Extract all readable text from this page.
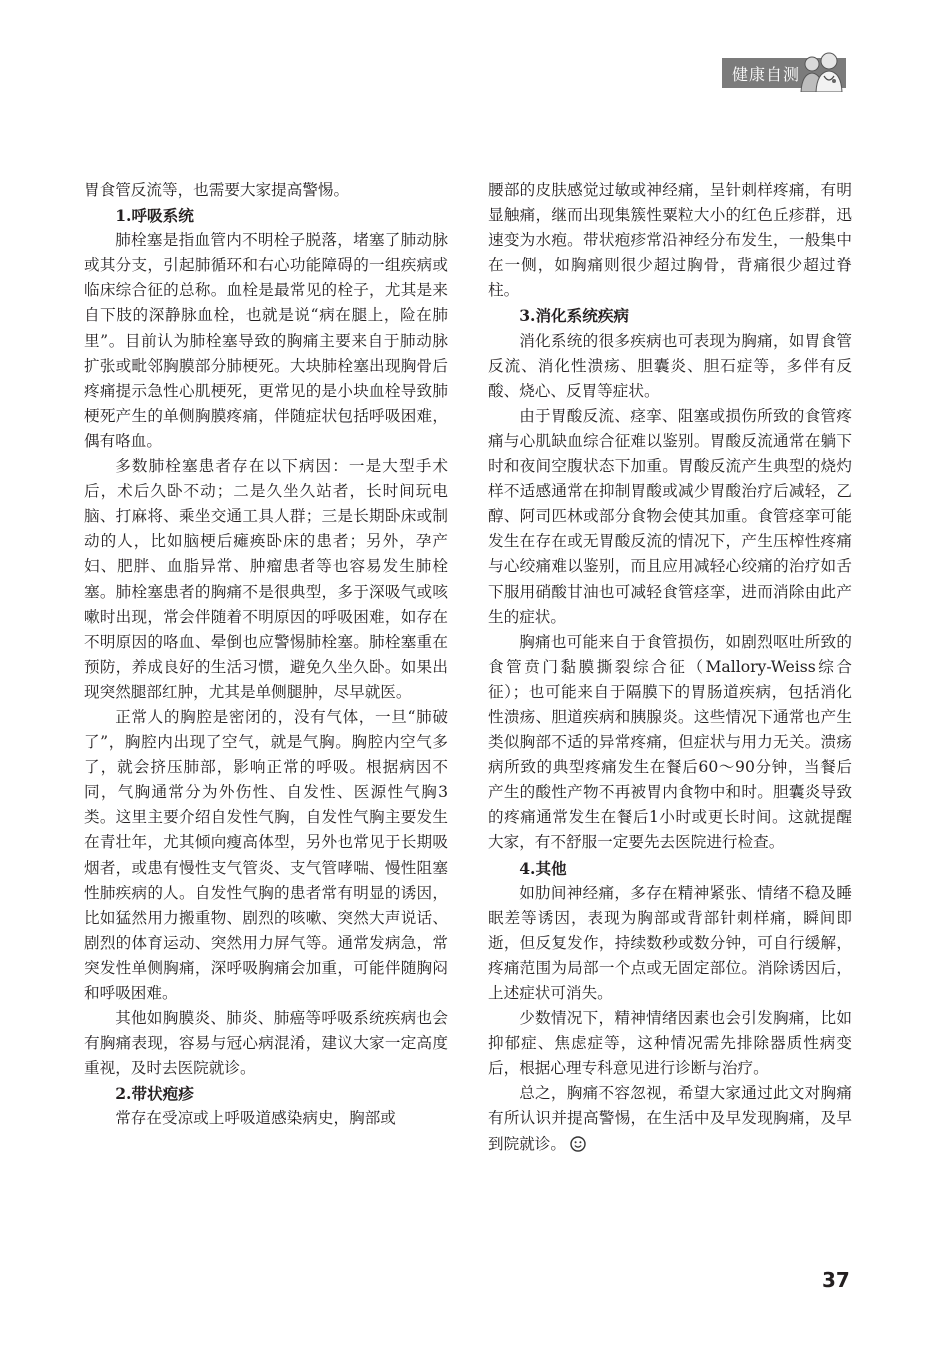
健康自测

胃食管反流等，也需要大家提高警惕。

1.呼吸系统

肺栓塞是指血管内不明栓子脱落，堵塞了肺动脉或其分支，引起肺循环和右心功能障碍的一组疾病或临床综合征的总称。血栓是最常见的栓子，尤其是来自下肢的深静脉血栓，也就是说“病在腿上，险在肺里”。目前认为肺栓塞导致的胸痛主要来自于肺动脉扩张或毗邻胸膜部分肺梗死。大块肺栓塞出现胸骨后疼痛提示急性心肌梗死，更常见的是小块血栓导致肺梗死产生的单侧胸膜疼痛，伴随症状包括呼吸困难，偶有咯血。

多数肺栓塞患者存在以下病因：一是大型手术后，术后久卧不动；二是久坐久站者，长时间玩电脑、打麻将、乘坐交通工具人群；三是长期卧床或制动的人，比如脑梗后瘫痪卧床的患者；另外，孕产妇、肥胖、血脂异常、肿瘤患者等也容易发生肺栓塞。肺栓塞患者的胸痛不是很典型，多于深吸气或咳嗽时出现，常会伴随着不明原因的呼吸困难，如存在不明原因的咯血、晕倒也应警惕肺栓塞。肺栓塞重在预防，养成良好的生活习惯，避免久坐久卧。如果出现突然腿部红肿，尤其是单侧腿肿，尽早就医。

正常人的胸腔是密闭的，没有气体，一旦“肺破了”，胸腔内出现了空气，就是气胸。胸腔内空气多了，就会挤压肺部，影响正常的呼吸。根据病因不同，气胸通常分为外伤性、自发性、医源性气胸3类。这里主要介绍自发性气胸，自发性气胸主要发生在青壮年，尤其倾向瘦高体型，另外也常见于长期吸烟者，或患有慢性支气管炎、支气管哮喘、慢性阻塞性肺疾病的人。自发性气胸的患者常有明显的诱因，比如猛然用力搬重物、剧烈的咳嗽、突然大声说话、剧烈的体育运动、突然用力屏气等。通常发病急，常突发性单侧胸痛，深呼吸胸痛会加重，可能伴随胸闷和呼吸困难。

其他如胸膜炎、肺炎、肺癌等呼吸系统疾病也会有胸痛表现，容易与冠心病混淆，建议大家一定高度重视，及时去医院就诊。

2.带状疱疹

常存在受凉或上呼吸道感染病史，胸部或

腰部的皮肤感觉过敏或神经痛，呈针刺样疼痛，有明显触痛，继而出现集簇性粟粒大小的红色丘疹群，迅速变为水疱。带状疱疹常沿神经分布发生，一般集中在一侧，如胸痛则很少超过胸骨，背痛很少超过脊柱。

3.消化系统疾病

消化系统的很多疾病也可表现为胸痛，如胃食管反流、消化性溃疡、胆囊炎、胆石症等，多伴有反酸、烧心、反胃等症状。

由于胃酸反流、痉挛、阻塞或损伤所致的食管疼痛与心肌缺血综合征难以鉴别。胃酸反流通常在躺下时和夜间空腹状态下加重。胃酸反流产生典型的烧灼样不适感通常在抑制胃酸或减少胃酸治疗后减轻，乙醇、阿司匹林或部分食物会使其加重。食管痉挛可能发生在存在或无胃酸反流的情况下，产生压榨性疼痛与心绞痛难以鉴别，而且应用减轻心绞痛的治疗如舌下服用硝酸甘油也可减轻食管痉挛，进而消除由此产生的症状。

胸痛也可能来自于食管损伤，如剧烈呕吐所致的食管贲门黏膜撕裂综合征（Mallory-Weiss综合征）；也可能来自于隔膜下的胃肠道疾病，包括消化性溃疡、胆道疾病和胰腺炎。这些情况下通常也产生类似胸部不适的异常疼痛，但症状与用力无关。溃疡病所致的典型疼痛发生在餐后60～90分钟，当餐后产生的酸性产物不再被胃内食物中和时。胆囊炎导致的疼痛通常发生在餐后1小时或更长时间。这就提醒大家，有不舒服一定要先去医院进行检查。

4.其他

如肋间神经痛，多存在精神紧张、情绪不稳及睡眠差等诱因，表现为胸部或背部针刺样痛，瞬间即逝，但反复发作，持续数秒或数分钟，可自行缓解，疼痛范围为局部一个点或无固定部位。消除诱因后，上述症状可消失。

少数情况下，精神情绪因素也会引发胸痛，比如抑郁症、焦虑症等，这种情况需先排除器质性病变后，根据心理专科意见进行诊断与治疗。

总之，胸痛不容忽视，希望大家通过此文对胸痛有所认识并提高警惕，在生活中及早发现胸痛，及早到院就诊。

37
